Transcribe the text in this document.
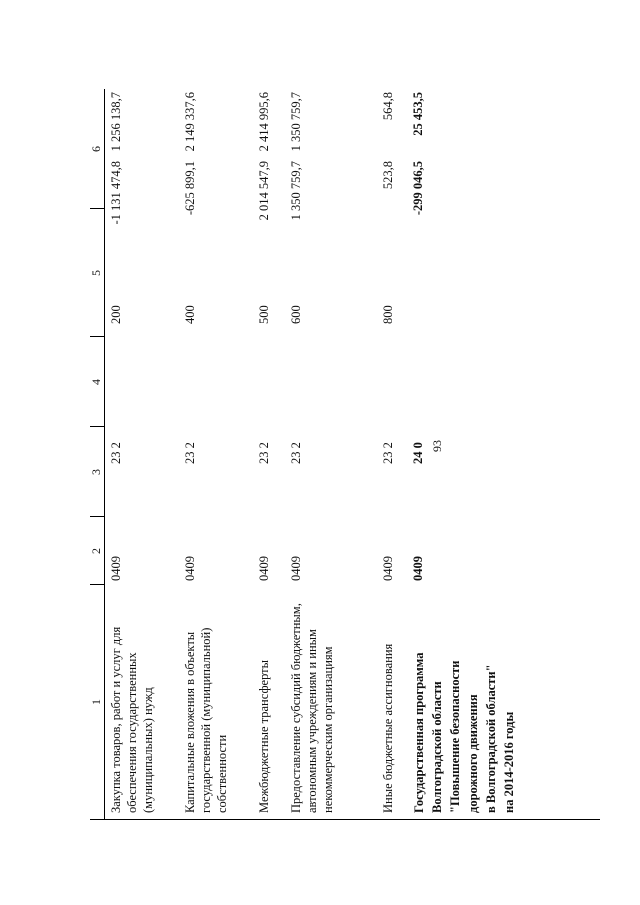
93
1
2
3
4
5
6
Закупка товаров, работ и услуг для обеспечения государственных (муниципальных) нужд
0409
23 2
200
-1 131 474,8
1 256 138,7
Капитальные вложения в объекты государственной (муниципальной) собственности
0409
23 2
400
-625 899,1
2 149 337,6
Межбюджетные трансферты
0409
23 2
500
2 014 547,9
2 414 995,6
Предоставление субсидий бюджетным, автономным учреждениям и иным некоммерческим организациям
0409
23 2
600
1 350 759,7
1 350 759,7
Иные бюджетные ассигнования
0409
23 2
800
523,8
564,8
Государственная программа Волгоградской области "Повышение безопасности дорожного движения в Волгоградской области" на 2014-2016 годы
0409
24 0
-299 046,5
25 453,5
